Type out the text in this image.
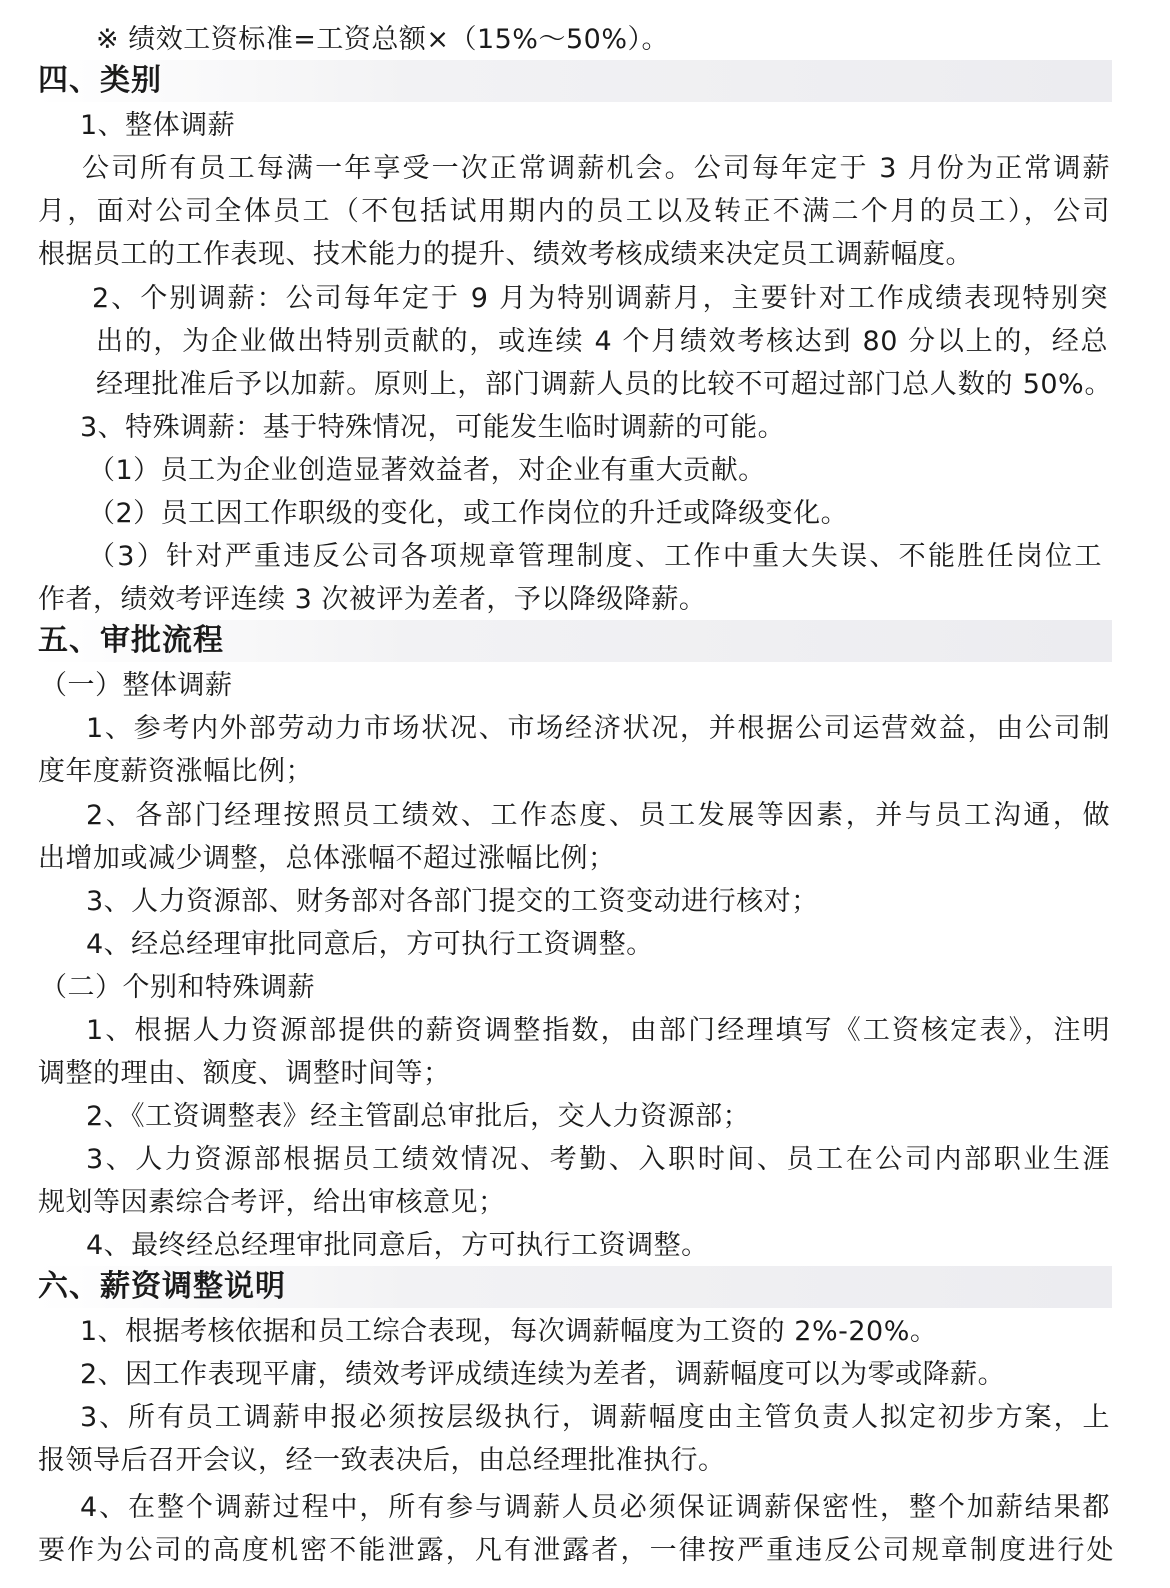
※ 绩效工资标准=工资总额×（15%～50%）。
四、类别
1、整体调薪
公司所有员工每满一年享受一次正常调薪机会。公司每年定于 3 月份为正常调薪
月，面对公司全体员工（不包括试用期内的员工以及转正不满二个月的员工），公司
根据员工的工作表现、技术能力的提升、绩效考核成绩来决定员工调薪幅度。
2、个别调薪：公司每年定于 9 月为特别调薪月，主要针对工作成绩表现特别突
出的，为企业做出特别贡献的，或连续 4 个月绩效考核达到 80 分以上的，经总
经理批准后予以加薪。原则上，部门调薪人员的比较不可超过部门总人数的 50%。
3、特殊调薪：基于特殊情况，可能发生临时调薪的可能。
（1）员工为企业创造显著效益者，对企业有重大贡献。
（2）员工因工作职级的变化，或工作岗位的升迁或降级变化。
（3）针对严重违反公司各项规章管理制度、工作中重大失误、不能胜任岗位工
作者，绩效考评连续 3 次被评为差者，予以降级降薪。
五、审批流程
（一）整体调薪
1、参考内外部劳动力市场状况、市场经济状况，并根据公司运营效益，由公司制
度年度薪资涨幅比例；
2、各部门经理按照员工绩效、工作态度、员工发展等因素，并与员工沟通，做
出增加或减少调整，总体涨幅不超过涨幅比例；
3、人力资源部、财务部对各部门提交的工资变动进行核对；
4、经总经理审批同意后，方可执行工资调整。
（二）个别和特殊调薪
1、根据人力资源部提供的薪资调整指数，由部门经理填写《工资核定表》，注明
调整的理由、额度、调整时间等；
2、《工资调整表》经主管副总审批后，交人力资源部；
3、人力资源部根据员工绩效情况、考勤、入职时间、员工在公司内部职业生涯
规划等因素综合考评，给出审核意见；
4、最终经总经理审批同意后，方可执行工资调整。
六、薪资调整说明
1、根据考核依据和员工综合表现，每次调薪幅度为工资的 2%-20%。
2、因工作表现平庸，绩效考评成绩连续为差者，调薪幅度可以为零或降薪。
3、所有员工调薪申报必须按层级执行，调薪幅度由主管负责人拟定初步方案，上
报领导后召开会议，经一致表决后，由总经理批准执行。
4、在整个调薪过程中，所有参与调薪人员必须保证调薪保密性，整个加薪结果都
要作为公司的高度机密不能泄露，凡有泄露者，一律按严重违反公司规章制度进行处
